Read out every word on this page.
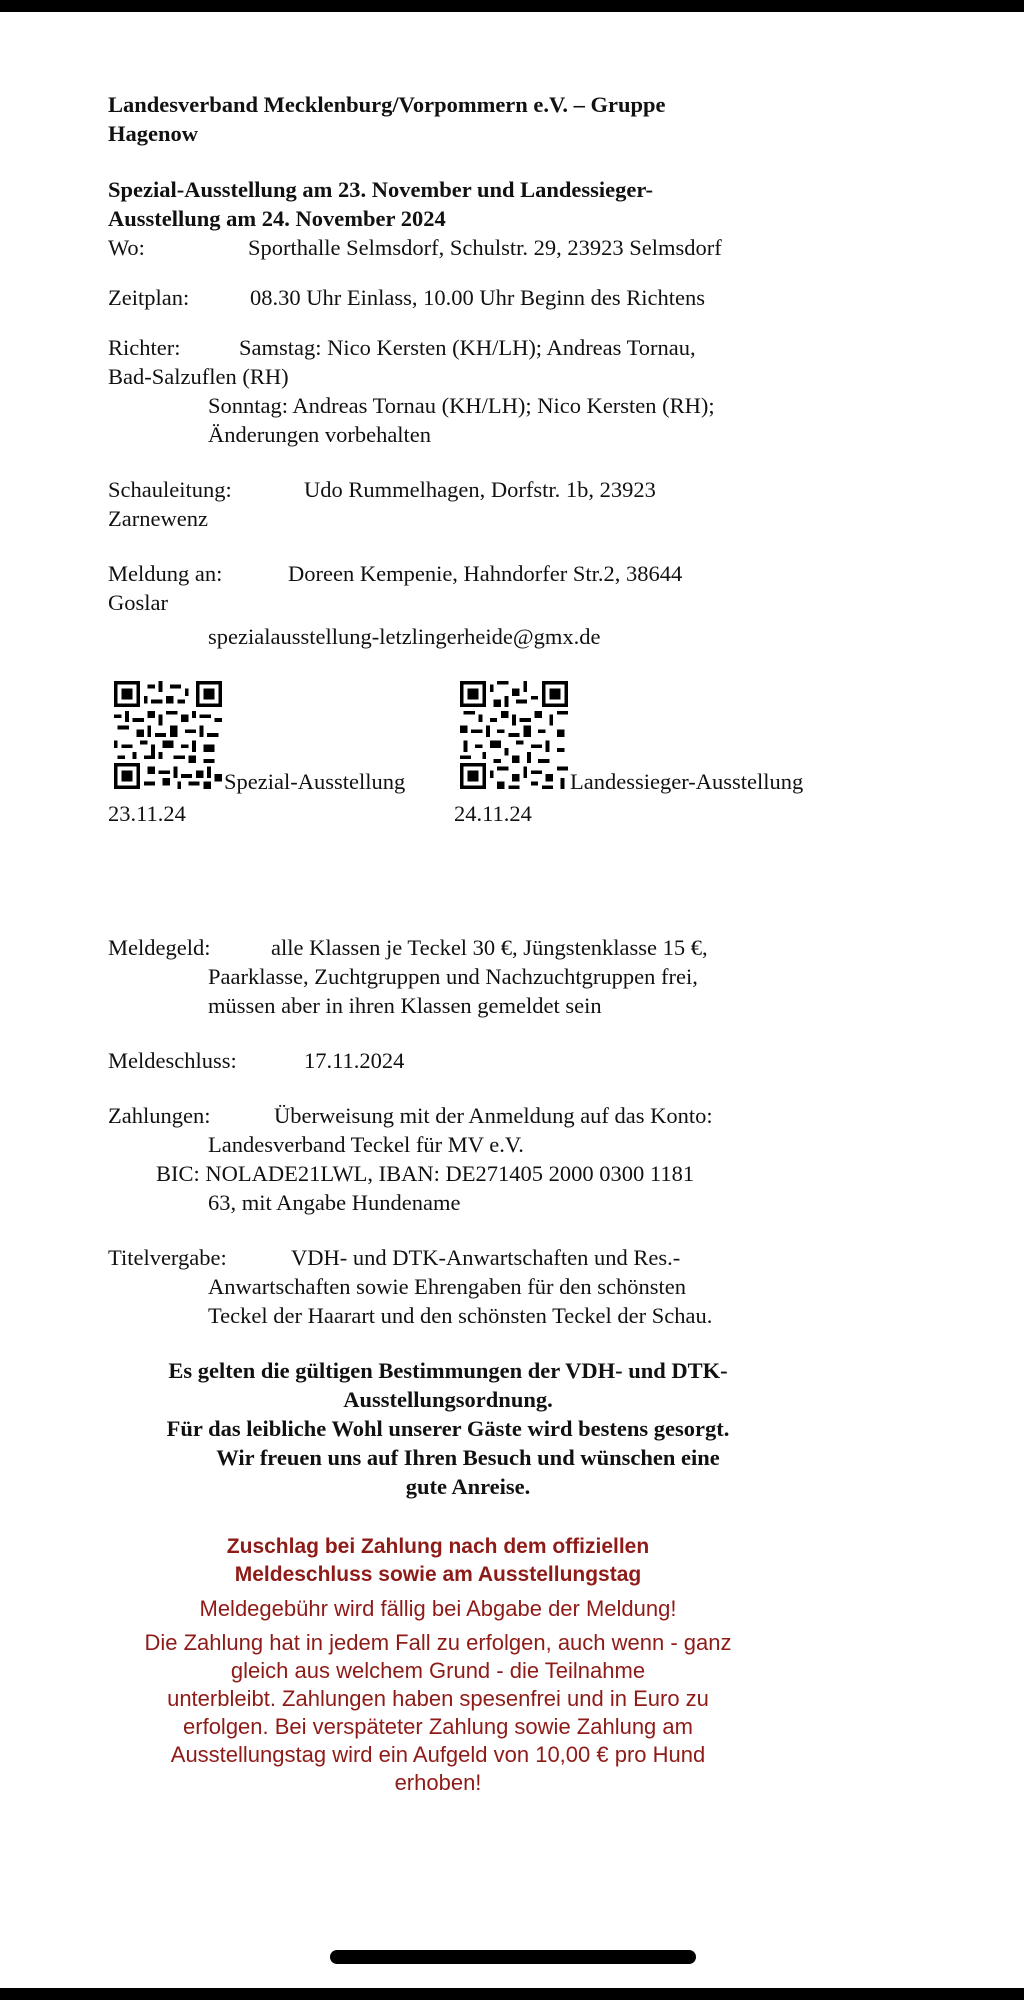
Landesverband Mecklenburg/Vorpommern e.V. – Gruppe Hagenow
Spezial-Ausstellung am 23. November und Landessieger-Ausstellung am 24. November 2024
Wo:	Sporthalle Selmsdorf, Schulstr. 29, 23923 Selmsdorf
Zeitplan:	08.30 Uhr Einlass, 10.00 Uhr Beginn des Richtens
Richter:	Samstag: Nico Kersten (KH/LH); Andreas Tornau,
Bad-Salzuflen (RH)
Sonntag: Andreas Tornau (KH/LH); Nico Kersten (RH);
Änderungen vorbehalten
Schauleitung:	Udo Rummelhagen, Dorfstr. 1b, 23923
Zarnewenz
Meldung an:	Doreen Kempenie, Hahndorfer Str.2, 38644
Goslar
spezialausstellung-letzlingerheide@gmx.de
Spezial-Ausstellung
23.11.24
Landessieger-Ausstellung
24.11.24
Meldegeld:	alle Klassen je Teckel 30 €, Jüngstenklasse 15 €,
Paarklasse, Zuchtgruppen und Nachzuchtgruppen frei,
müssen aber in ihren Klassen gemeldet sein
Meldeschluss:	17.11.2024
Zahlungen:	Überweisung mit der Anmeldung auf das Konto:
Landesverband Teckel für MV e.V.
BIC: NOLADE21LWL, IBAN: DE271405 2000 0300 1181
63, mit Angabe Hundename
Titelvergabe:	VDH- und DTK-Anwartschaften und Res.-
Anwartschaften sowie Ehrengaben für den schönsten
Teckel der Haarart und den schönsten Teckel der Schau.
Es gelten die gültigen Bestimmungen der VDH- und DTK-
Ausstellungsordnung.
Für das leibliche Wohl unserer Gäste wird bestens gesorgt.
Wir freuen uns auf Ihren Besuch und wünschen eine
gute Anreise.
Zuschlag bei Zahlung nach dem offiziellen
Meldeschluss sowie am Ausstellungstag
Meldegebühr wird fällig bei Abgabe der Meldung!
Die Zahlung hat in jedem Fall zu erfolgen, auch wenn - ganz
gleich aus welchem Grund - die Teilnahme
unterbleibt. Zahlungen haben spesenfrei und in Euro zu
erfolgen. Bei verspäteter Zahlung sowie Zahlung am
Ausstellungstag wird ein Aufgeld von 10,00 € pro Hund
erhoben!
